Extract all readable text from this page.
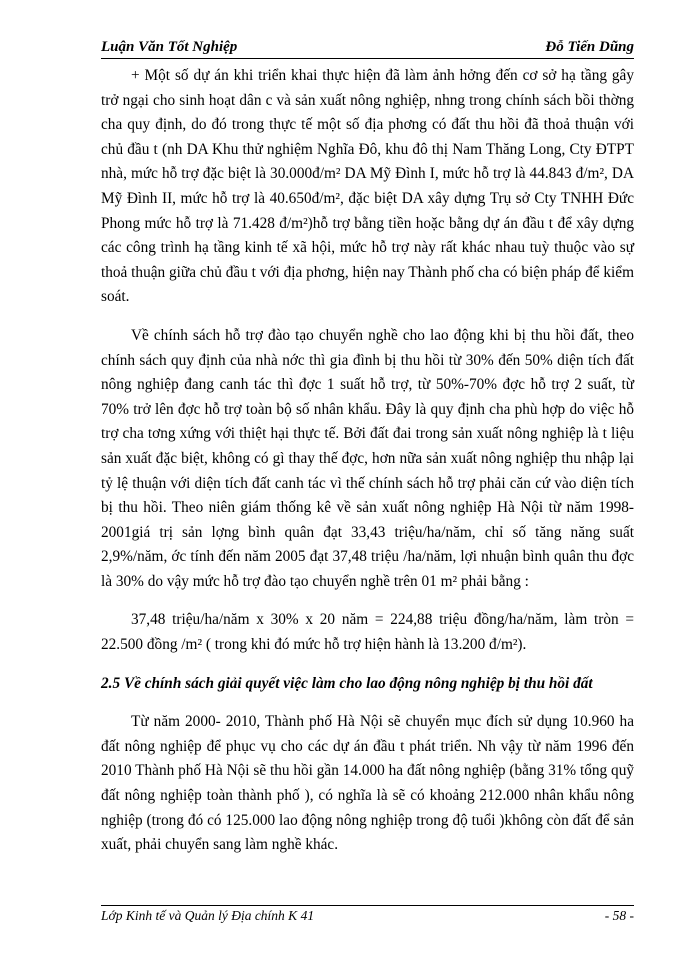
Luận Văn Tốt Nghiệp	Đỗ Tiến Dũng

+ Một số dự án khi triển khai thực hiện đã làm ảnh hởng đến cơ sở hạ tầng gây trở ngại cho sinh hoạt dân c và sản xuất nông nghiệp, nhng trong chính sách bồi thờng cha quy định, do đó trong thực tế một số địa phơng có đất thu hồi đã thoả thuận với chủ đầu t (nh DA Khu thử nghiệm Nghĩa Đô, khu đô thị Nam Thăng Long, Cty ĐTPT nhà, mức hỗ trợ đặc biệt là 30.000đ/m² DA Mỹ Đình I, mức hỗ trợ là 44.843 đ/m², DA Mỹ Đình II, mức hỗ trợ là 40.650đ/m², đặc biệt DA xây dựng Trụ sở Cty TNHH Đức Phong mức hỗ trợ là 71.428 đ/m²)hỗ trợ bằng tiền hoặc bằng dự án đầu t để xây dựng các công trình hạ tầng kinh tế xã hội, mức hỗ trợ này rất khác nhau tuỳ thuộc vào sự thoả thuận giữa chủ đầu t với địa phơng, hiện nay Thành phố cha có biện pháp để kiểm soát.

Về chính sách hỗ trợ đào tạo chuyển nghề cho lao động khi bị thu hồi đất, theo chính sách quy định của nhà nớc thì gia đình bị thu hồi từ 30% đến 50% diện tích đất nông nghiệp đang canh tác thì đợc 1 suất hỗ trợ, từ 50%-70% đợc hỗ trợ 2 suất, từ 70% trở lên đợc hỗ trợ toàn bộ số nhân khẩu. Đây là quy định cha phù hợp do việc hỗ trợ cha tơng xứng với thiệt hại thực tế. Bởi đất đai trong sản xuất nông nghiệp là t liệu sản xuất đặc biệt, không có gì thay thế đợc, hơn nữa sản xuất nông nghiệp thu nhập lại tỷ lệ thuận với diện tích đất canh tác vì thế chính sách hỗ trợ phải căn cứ vào diện tích bị thu hồi. Theo niên giám thống kê về sản xuất nông nghiệp Hà Nội từ năm 1998- 2001giá trị sản lợng bình quân đạt 33,43 triệu/ha/năm, chỉ số tăng năng suất 2,9%/năm, ớc tính đến năm 2005 đạt 37,48 triệu /ha/năm, lợi nhuận bình quân thu đợc là 30% do vậy mức hỗ trợ đào tạo chuyển nghề trên 01 m² phải bằng :

37,48 triệu/ha/năm x 30% x 20 năm = 224,88 triệu đồng/ha/năm, làm tròn = 22.500 đồng /m² ( trong khi đó mức hỗ trợ hiện hành là 13.200 đ/m²).

2.5 Về chính sách giải quyết việc làm cho lao động nông nghiệp bị thu hồi đất

Từ năm 2000- 2010, Thành phố Hà Nội sẽ chuyển mục đích sử dụng 10.960 ha đất nông nghiệp để phục vụ cho các dự án đầu t phát triển. Nh vậy từ năm 1996 đến 2010 Thành phố Hà Nội sẽ thu hồi gần 14.000 ha đất nông nghiệp (bằng 31% tổng quỹ đất nông nghiệp toàn thành phố ), có nghĩa là sẽ có khoảng 212.000 nhân khẩu nông nghiệp (trong đó có 125.000 lao động nông nghiệp trong độ tuổi )không còn đất để sản xuất, phải chuyển sang làm nghề khác.

Lớp Kinh tế và Quản lý Địa chính K 41	- 58 -
